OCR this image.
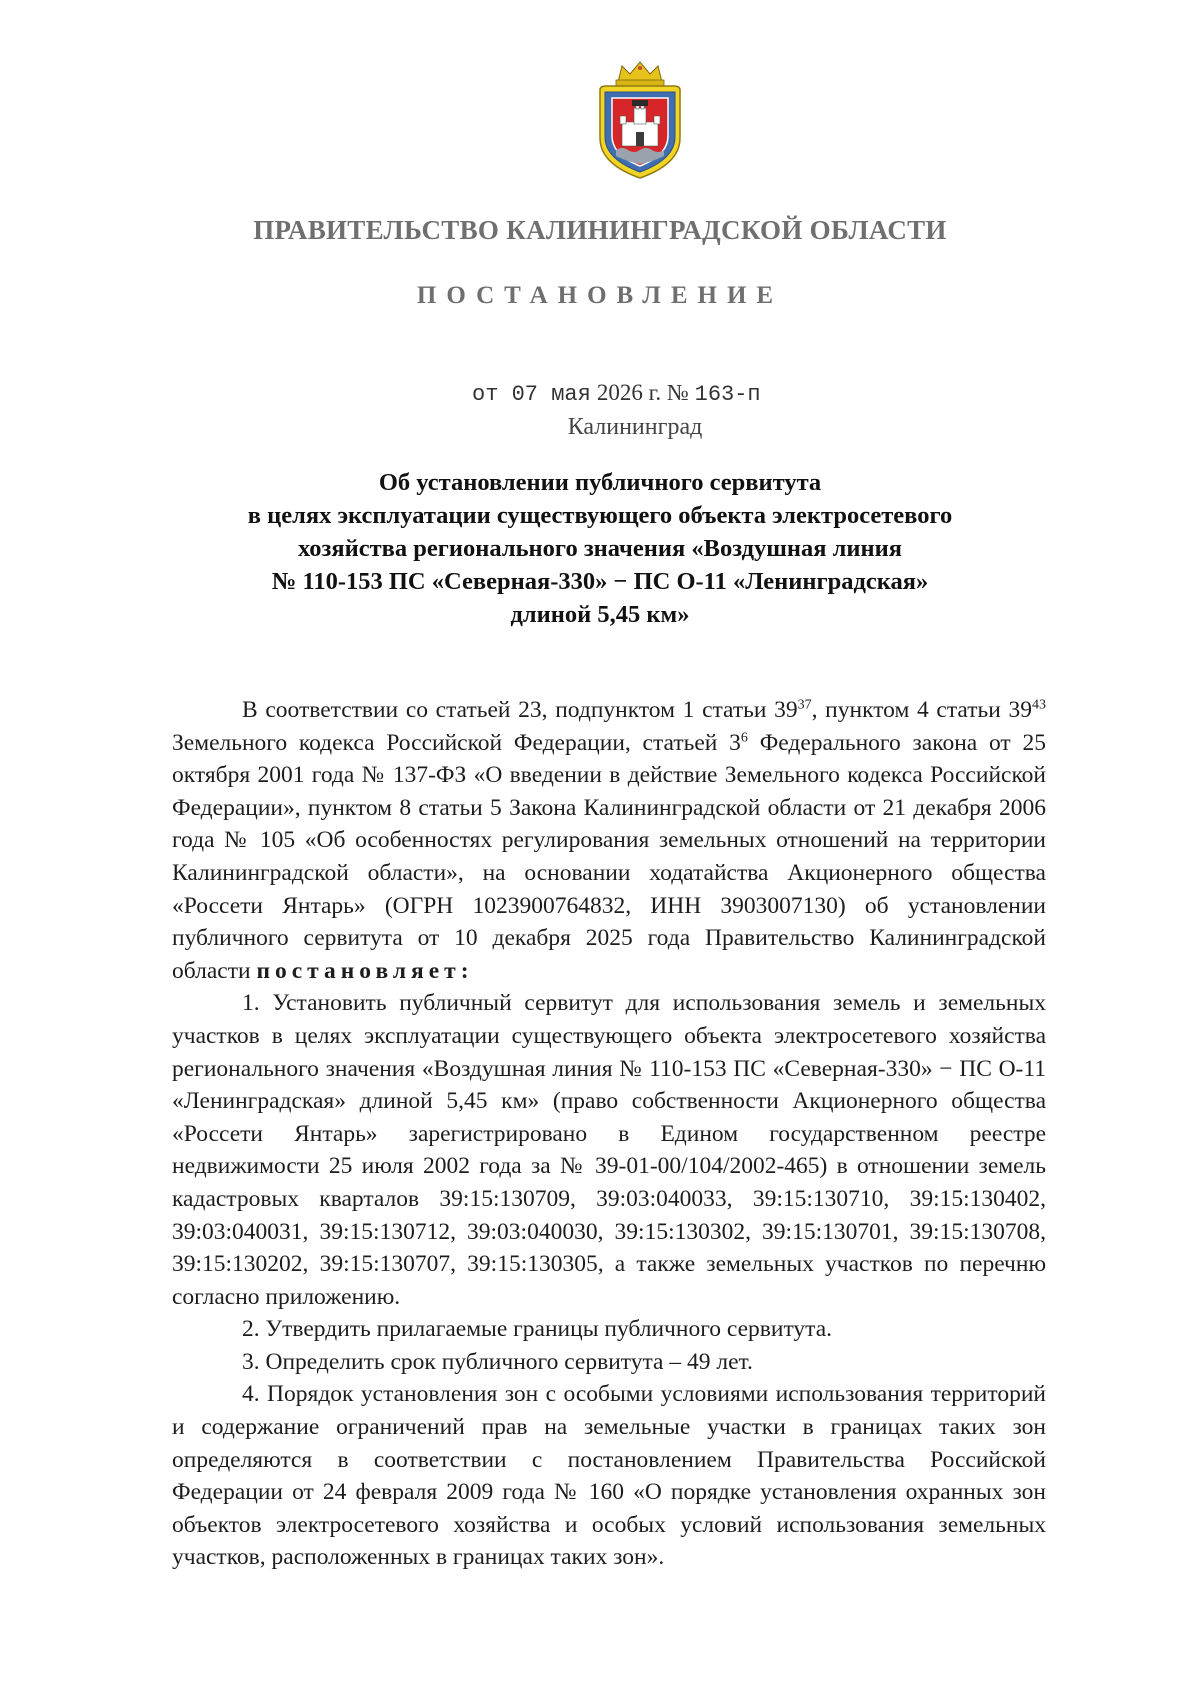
ПРАВИТЕЛЬСТВО КАЛИНИНГРАДСКОЙ ОБЛАСТИ
ПОСТАНОВЛЕНИЕ
от 07 мая 2026 г. № 163-п
Калининград
Об установлении публичного сервитута
в целях эксплуатации существующего объекта электросетевого
хозяйства регионального значения «Воздушная линия
№ 110-153 ПС «Северная-330» − ПС О-11 «Ленинградская»
длиной 5,45 км»

В соответствии со статьей 23, подпунктом 1 статьи $39^{37}$, пунктом 4 статьи $39^{43}$ Земельного кодекса Российской Федерации, статьей $3^6$ Федерального закона от 25 октября 2001 года № 137-ФЗ «О введении в действие Земельного кодекса Российской Федерации», пунктом 8 статьи 5 Закона Калининградской области от 21 декабря 2006 года № 105 «Об особенностях регулирования земельных отношений на территории Калининградской области», на основании ходатайства Акционерного общества «Россети Янтарь» (ОГРН 1023900764832, ИНН 3903007130) об установлении публичного сервитута от 10 декабря 2025 года Правительство Калининградской области постановляет:

1. Установить публичный сервитут для использования земель и земельных участков в целях эксплуатации существующего объекта электросетевого хозяйства регионального значения «Воздушная линия № 110-153 ПС «Северная-330» − ПС О-11 «Ленинградская» длиной 5,45 км» (право собственности Акционерного общества «Россети Янтарь» зарегистрировано в Едином государственном реестре недвижимости 25 июля 2002 года за № 39-01-00/104/2002-465) в отношении земель кадастровых кварталов 39:15:130709, 39:03:040033, 39:15:130710, 39:15:130402, 39:03:040031, 39:15:130712, 39:03:040030, 39:15:130302, 39:15:130701, 39:15:130708, 39:15:130202, 39:15:130707, 39:15:130305, а также земельных участков по перечню согласно приложению.

2. Утвердить прилагаемые границы публичного сервитута.

3. Определить срок публичного сервитута – 49 лет.

4. Порядок установления зон с особыми условиями использования территорий и содержание ограничений прав на земельные участки в границах таких зон определяются в соответствии с постановлением Правительства Российской Федерации от 24 февраля 2009 года № 160 «О порядке установления охранных зон объектов электросетевого хозяйства и особых условий использования земельных участков, расположенных в границах таких зон».
